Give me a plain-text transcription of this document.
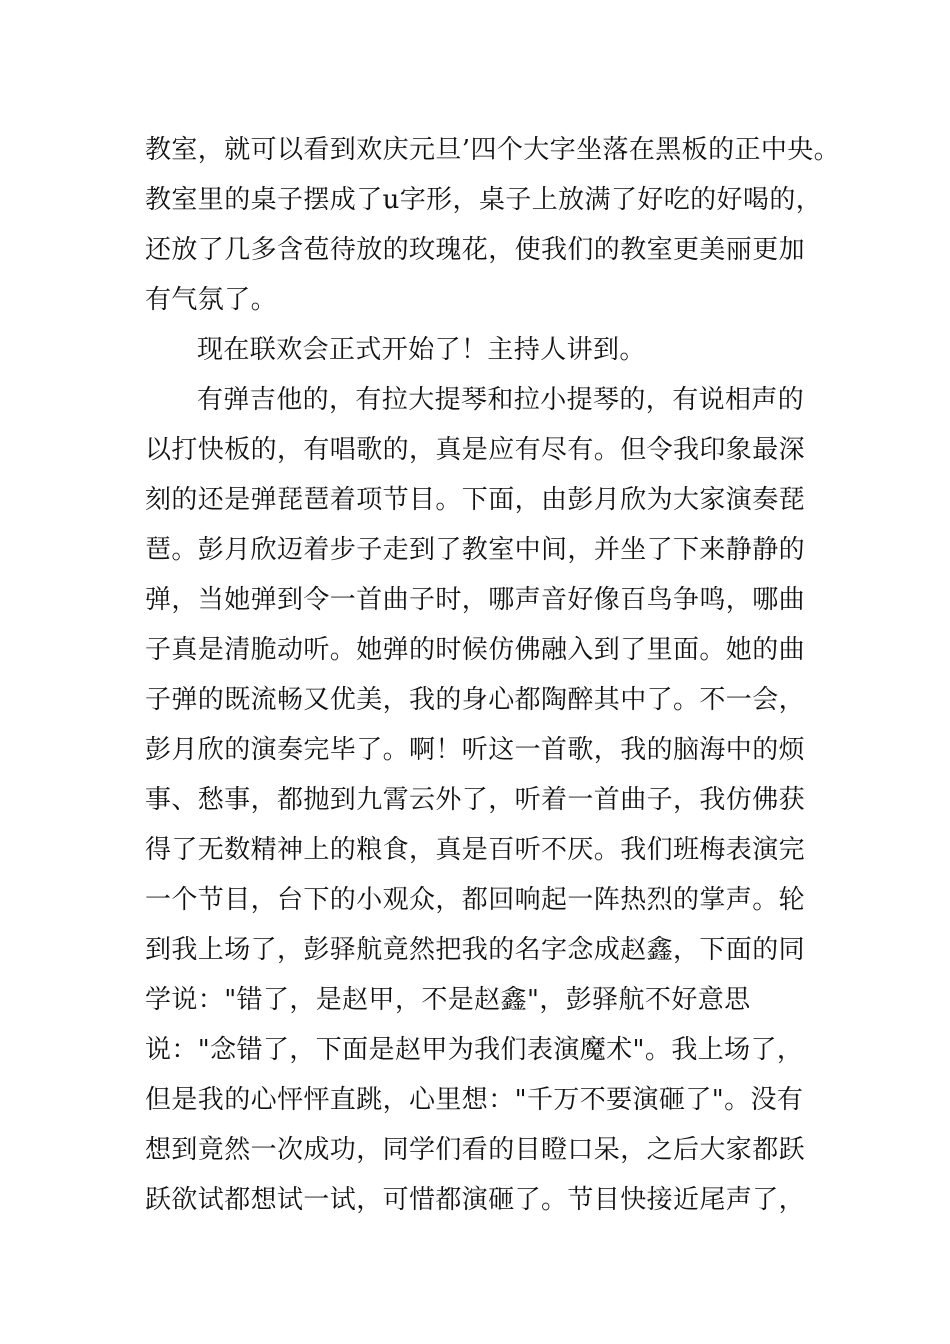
教室，就可以看到欢庆元旦’四个大字坐落在黑板的正中央。
教室里的桌子摆成了u字形，桌子上放满了好吃的好喝的，
还放了几多含苞待放的玫瑰花，使我们的教室更美丽更加
有气氛了。
现在联欢会正式开始了！主持人讲到。
有弹吉他的，有拉大提琴和拉小提琴的，有说相声的
以打快板的，有唱歌的，真是应有尽有。但令我印象最深
刻的还是弹琵琶着项节目。下面，由彭月欣为大家演奏琵
琶。彭月欣迈着步子走到了教室中间，并坐了下来静静的
弹，当她弹到令一首曲子时，哪声音好像百鸟争鸣，哪曲
子真是清脆动听。她弹的时候仿佛融入到了里面。她的曲
子弹的既流畅又优美，我的身心都陶醉其中了。不一会，
彭月欣的演奏完毕了。啊！听这一首歌，我的脑海中的烦
事、愁事，都抛到九霄云外了，听着一首曲子，我仿佛获
得了无数精神上的粮食，真是百听不厌。我们班梅表演完
一个节目，台下的小观众，都回响起一阵热烈的掌声。轮
到我上场了，彭驿航竟然把我的名字念成赵鑫，下面的同
学说："错了，是赵甲，不是赵鑫"，彭驿航不好意思
说："念错了，下面是赵甲为我们表演魔术"。我上场了，
但是我的心怦怦直跳，心里想："千万不要演砸了"。没有
想到竟然一次成功，同学们看的目瞪口呆，之后大家都跃
跃欲试都想试一试，可惜都演砸了。节目快接近尾声了，
